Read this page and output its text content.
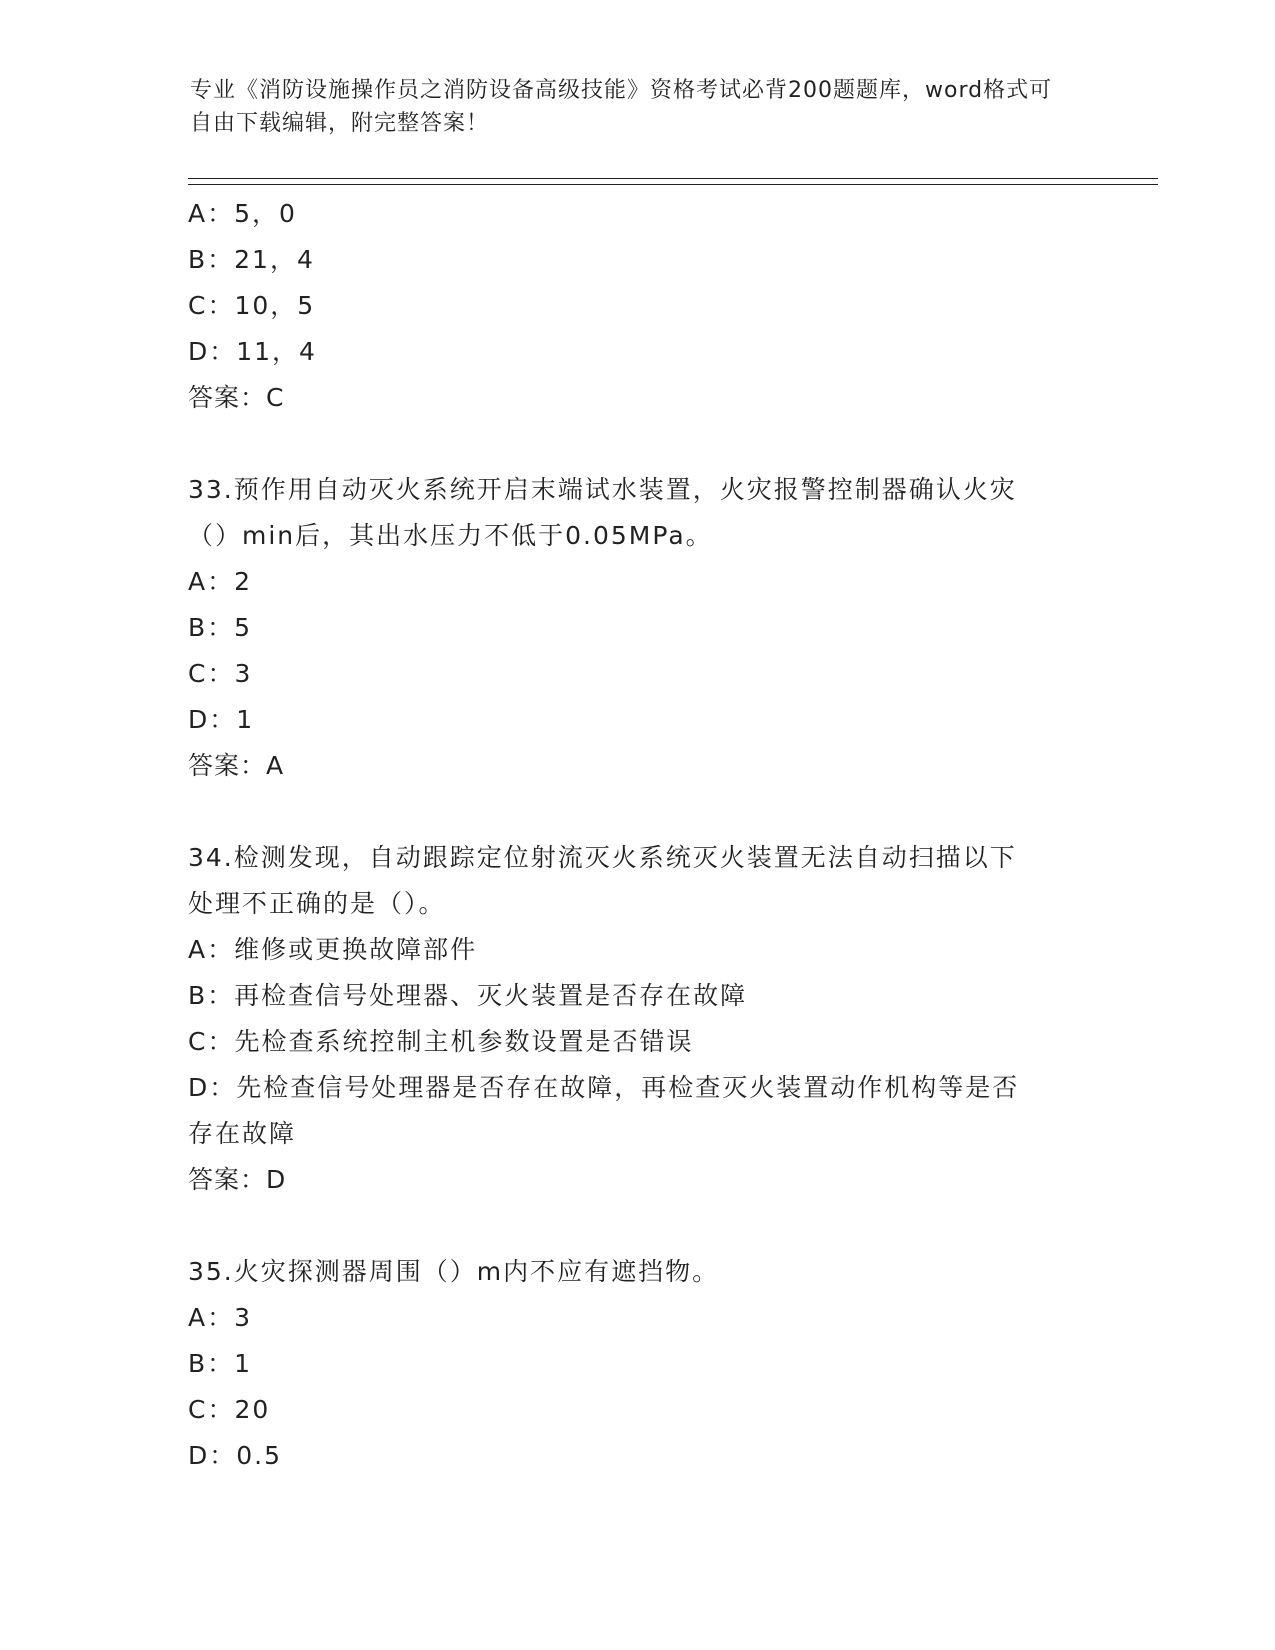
专业《消防设施操作员之消防设备高级技能》资格考试必背200题题库，word格式可自由下载编辑，附完整答案！
A：5，0
B：21，4
C：10，5
D：11，4
答案：C
33.预作用自动灭火系统开启末端试水装置，火灾报警控制器确认火灾
（）min后，其出水压力不低于0.05MPa。
A：2
B：5
C：3
D：1
答案：A
34.检测发现，自动跟踪定位射流灭火系统灭火装置无法自动扫描以下
处理不正确的是（）。
A：维修或更换故障部件
B：再检查信号处理器、灭火装置是否存在故障
C：先检查系统控制主机参数设置是否错误
D：先检查信号处理器是否存在故障，再检查灭火装置动作机构等是否
存在故障
答案：D
35.火灾探测器周围（）m内不应有遮挡物。
A：3
B：1
C：20
D：0.5
